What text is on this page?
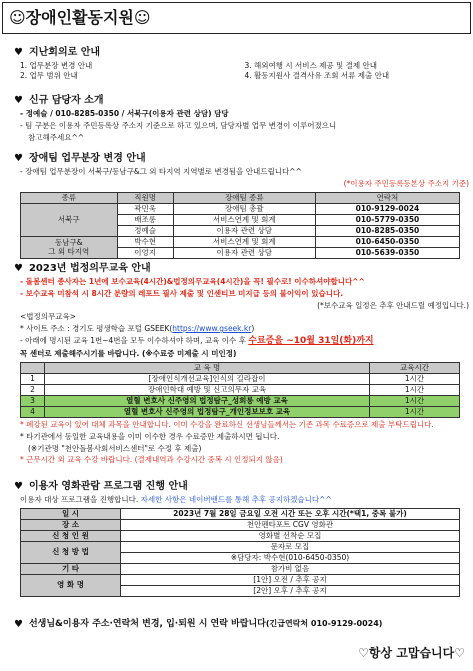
☺장애인활동지원☺
♥ 지난회의로 안내
1. 업무분장 변경 안내	3. 해외여행 시 서비스 제공 및 결제 안내
2. 업무 범위 안내	4. 활동지원사 결격사유 조회 서류 제출 안내
♥ 신규 담당자 소개
- 정예슬 / 010-8285-0350 / 서북구(이용자 관련 상담) 담당
- 팀 구분은 이용자 주민등록상 주소지 기준으로 하고 있으며, 담당자별 업무 변경이 이루어졌으니
참고해주세요^^
♥ 장애팀 업무분장 변경 안내
- 장애팀 업무분장이 서북구/동남구&그 외 타지역 지역별로 변경됨을 안내드립니다^^
(*이용자 주민등록등본상 주소지 기준)
종류	직원명	장애팀 종류	연락처
서북구	곽민욱	장애팀 총괄	010-9129-0024
	배조롱	서비스연계 및 회계	010-5779-0350
	정예슬	이용자 관련 상담	010-8285-0350
동남구&
그 외 타지역	박수현	서비스연계 및 회계	010-6450-0350
	이엉지	이용자 관련 상담	010-5639-0350
♥ 2023년 법정의무교육 안내
- 돌봄센터 종사자는 1년에 보수교육(4시간)&법정의무교육(4시간)을 꼭! 필수로! 이수하셔야합니다^^
- 보수교육 미참석 시 8시간 분량의 레포트 필사 제출 및 인센티브 미지급 등의 불이익이 있습니다.
(*보수교육 일정은 추후 안내드릴 예정입니다.)
<법정의무교육>
* 사이트 주소 : 경기도 평생학습 포털 GSEEK(https://www.gseek.kr)
- 아래에 명시된 교육 1번~4번을 모두 이수하셔야 하며, 교육 이수 후 수료증을 ~10월 31일(화)까지
꼭 센터로 제출해주시기를 바랍니다. (※수료증 미제출 시 미인정)
	교 육 명	교육시간
1	[장애인식개선교육]인식의 길라잡이	1시간
2	장애인학대 예방 및 신고의무자 교육	1시간
3	열혈 변호사 신주영의 법정탐구_성희롱 예방 교육	1시간
4	열혈 변호사 신주영의 법정탐구_개인정보보호 교육	1시간
* 폐강된 교육이 있어 대체 과목을 안내합니다. 이미 수강을 완료하신 선생님들께서는 기존 과목 수료증으로 제출 부탁드립니다.
* 타기관에서 동일한 교육내용을 이미 이수한 경우 수료증만 제출하시면 됩니다.
(※기관명 "천안돌봄사회서비스센터"로 수정 후 제출)
* 근무시간 외 교육 수강 바랍니다. (결제내역과 수강시간 중복 시 인정되지 않음)
♥ 이용자 영화관람 프로그램 진행 안내
이용자 대상 프로그램을 진행합니다. 자세한 사항은 네이버밴드를 통해 추후 공지하겠습니다^^
일 시	2023년 7월 28일 금요일 오전 시간 또는 오후 시간(*택1, 중복 불가)
장 소	천안펜타포트 CGV 영화관
신 청 인 원	영화별 선착순 모집
신 청 방 법	문자로 모집
	※담당자: 박수현(010-6450-0350)
기 타	참가비 없음
영 화 명	[1안] 오전 / 추후 공지
	[2안] 오후 / 추후 공지
♥ 선생님&이용자 주소·연락처 변경, 입·퇴원 시 연락 바랍니다(긴급연락처 010-9129-0024)
♡항상 고맙습니다♡
